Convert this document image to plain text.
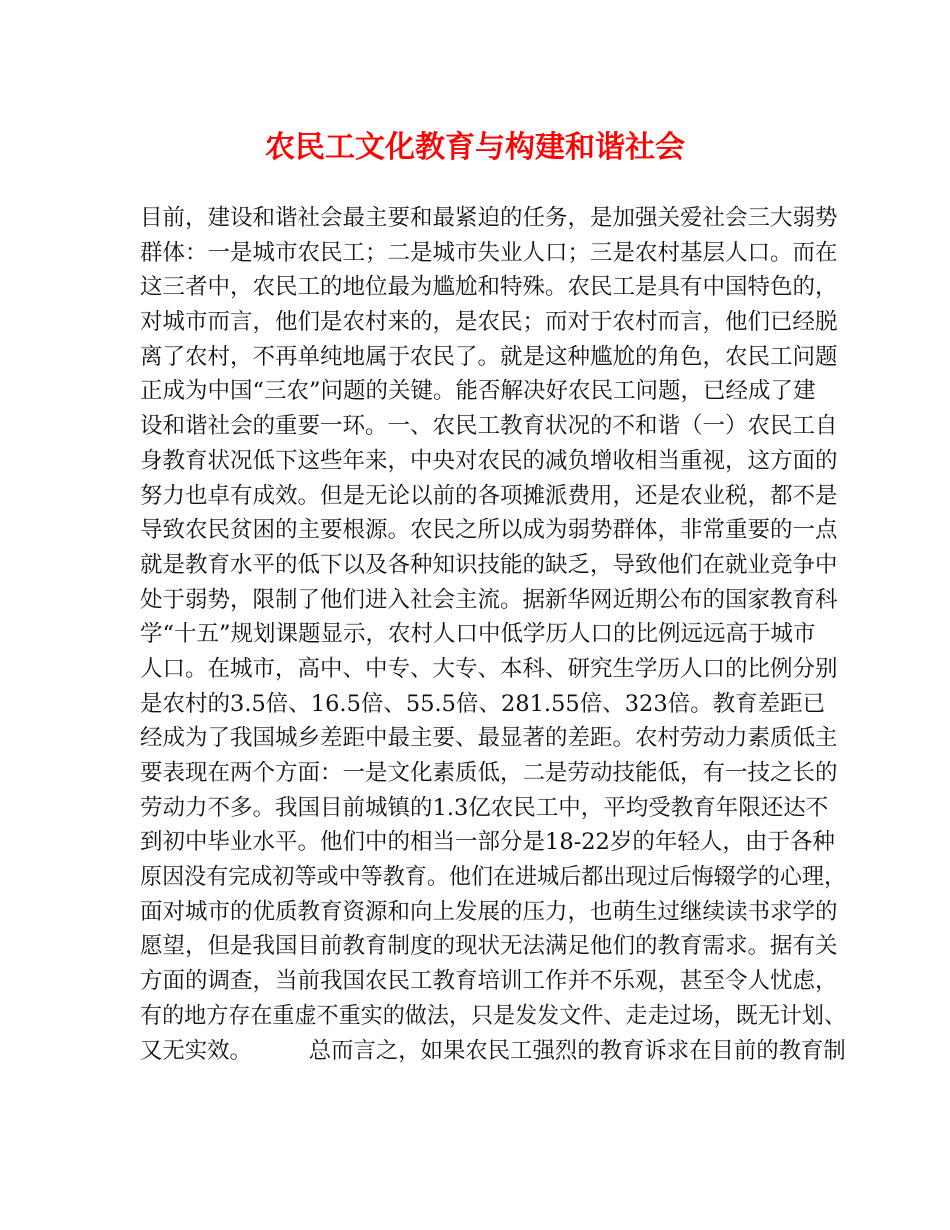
农民工文化教育与构建和谐社会
目前，建设和谐社会最主要和最紧迫的任务，是加强关爱社会三大弱势
群体：一是城市农民工；二是城市失业人口；三是农村基层人口。而在
这三者中，农民工的地位最为尴尬和特殊。农民工是具有中国特色的，
对城市而言，他们是农村来的，是农民；而对于农村而言，他们已经脱
离了农村，不再单纯地属于农民了。就是这种尴尬的角色，农民工问题
正成为中国“三农”问题的关键。能否解决好农民工问题，已经成了建
设和谐社会的重要一环。一、农民工教育状况的不和谐（一）农民工自
身教育状况低下这些年来，中央对农民的减负增收相当重视，这方面的
努力也卓有成效。但是无论以前的各项摊派费用，还是农业税，都不是
导致农民贫困的主要根源。农民之所以成为弱势群体，非常重要的一点
就是教育水平的低下以及各种知识技能的缺乏，导致他们在就业竞争中
处于弱势，限制了他们进入社会主流。据新华网近期公布的国家教育科
学“十五”规划课题显示，农村人口中低学历人口的比例远远高于城市
人口。在城市，高中、中专、大专、本科、研究生学历人口的比例分别
是农村的3.5倍、16.5倍、55.5倍、281.55倍、323倍。教育差距已
经成为了我国城乡差距中最主要、最显著的差距。农村劳动力素质低主
要表现在两个方面：一是文化素质低，二是劳动技能低，有一技之长的
劳动力不多。我国目前城镇的1.3亿农民工中，平均受教育年限还达不
到初中毕业水平。他们中的相当一部分是18-22岁的年轻人，由于各种
原因没有完成初等或中等教育。他们在进城后都出现过后悔辍学的心理，
面对城市的优质教育资源和向上发展的压力，也萌生过继续读书求学的
愿望，但是我国目前教育制度的现状无法满足他们的教育需求。据有关
方面的调查，当前我国农民工教育培训工作并不乐观，甚至令人忧虑，
有的地方存在重虚不重实的做法，只是发发文件、走走过场，既无计划、
又无实效。        总而言之，如果农民工强烈的教育诉求在目前的教育制
